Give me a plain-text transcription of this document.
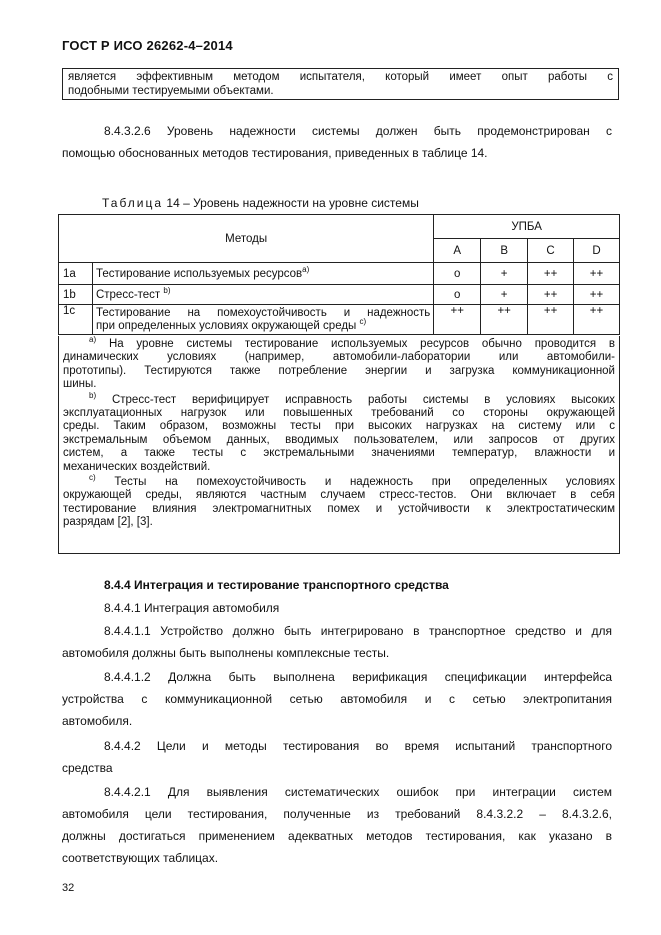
ГОСТ Р ИСО 26262-4–2014
является эффективным методом испытателя, который имеет опыт работы с
подобными тестируемыми объектами.
8.4.3.2.6 Уровень надежности системы должен быть продемонстрирован с
помощью обоснованных методов тестирования, приведенных в таблице 14.
Таблица 14 – Уровень надежности на уровне системы
Методы		УПБА			
		A	B	C	D
1a	Тестирование используемых ресурсов$^{a)}$	o	+	++	++
1b	Стресс-тест $^{b)}$	o	+	++	++
1c	Тестирование на помехоустойчивость и надежность
при определенных условиях окружающей среды $^{c)}$	++	++	++	++
$^{a)}$ На уровне системы тестирование используемых ресурсов обычно проводится в
динамических условиях (например, автомобили-лаборатории или автомобили-
прототипы). Тестируются также потребление энергии и загрузка коммуникационной
шины.
$^{b)}$ Стресс-тест верифицирует исправность работы системы в условиях высоких
эксплуатационных нагрузок или повышенных требований со стороны окружающей
среды. Таким образом, возможны тесты при высоких нагрузках на систему или с
экстремальным объемом данных, вводимых пользователем, или запросов от других
систем, а также тесты с экстремальными значениями температур, влажности и
механических воздействий.
$^{c)}$ Тесты на помехоустойчивость и надежность при определенных условиях
окружающей среды, являются частным случаем стресс-тестов. Они включает в себя
тестирование влияния электромагнитных помех и устойчивости к электростатическим
разрядам [2], [3].
8.4.4 Интеграция и тестирование транспортного средства
8.4.4.1 Интеграция автомобиля
8.4.4.1.1 Устройство должно быть интегрировано в транспортное средство и для
автомобиля должны быть выполнены комплексные тесты.
8.4.4.1.2 Должна быть выполнена верификация спецификации интерфейса
устройства с коммуникационной сетью автомобиля и с сетью электропитания
автомобиля.
8.4.4.2 Цели и методы тестирования во время испытаний транспортного
средства
8.4.4.2.1 Для выявления систематических ошибок при интеграции систем
автомобиля цели тестирования, полученные из требований 8.4.3.2.2 – 8.4.3.2.6,
должны достигаться применением адекватных методов тестирования, как указано в
соответствующих таблицах.
32
